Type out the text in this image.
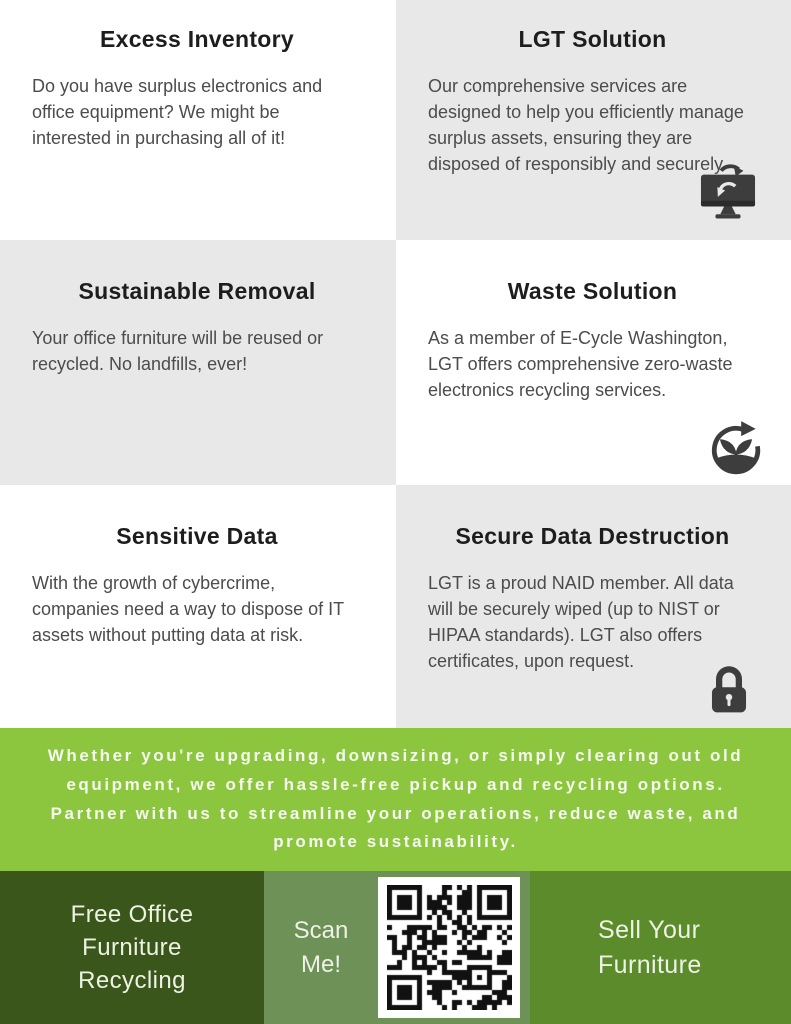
Excess Inventory

Do you have surplus electronics and office equipment? We might be interested in purchasing all of it!

LGT Solution

Our comprehensive services are designed to help you efficiently manage surplus assets, ensuring they are disposed of responsibly and securely.

Sustainable Removal

Your office furniture will be reused or recycled. No landfills, ever!

Waste Solution

As a member of E-Cycle Washington, LGT offers comprehensive zero-waste electronics recycling services.

Sensitive Data

With the growth of cybercrime, companies need a way to dispose of IT assets without putting data at risk.

Secure Data Destruction

LGT is a proud NAID member. All data will be securely wiped (up to NIST or HIPAA standards). LGT also offers certificates, upon request.

Whether you're upgrading, downsizing, or simply clearing out old equipment, we offer hassle-free pickup and recycling options. Partner with us to streamline your operations, reduce waste, and promote sustainability.

Free Office Furniture Recycling
Scan Me!
Sell Your Furniture
